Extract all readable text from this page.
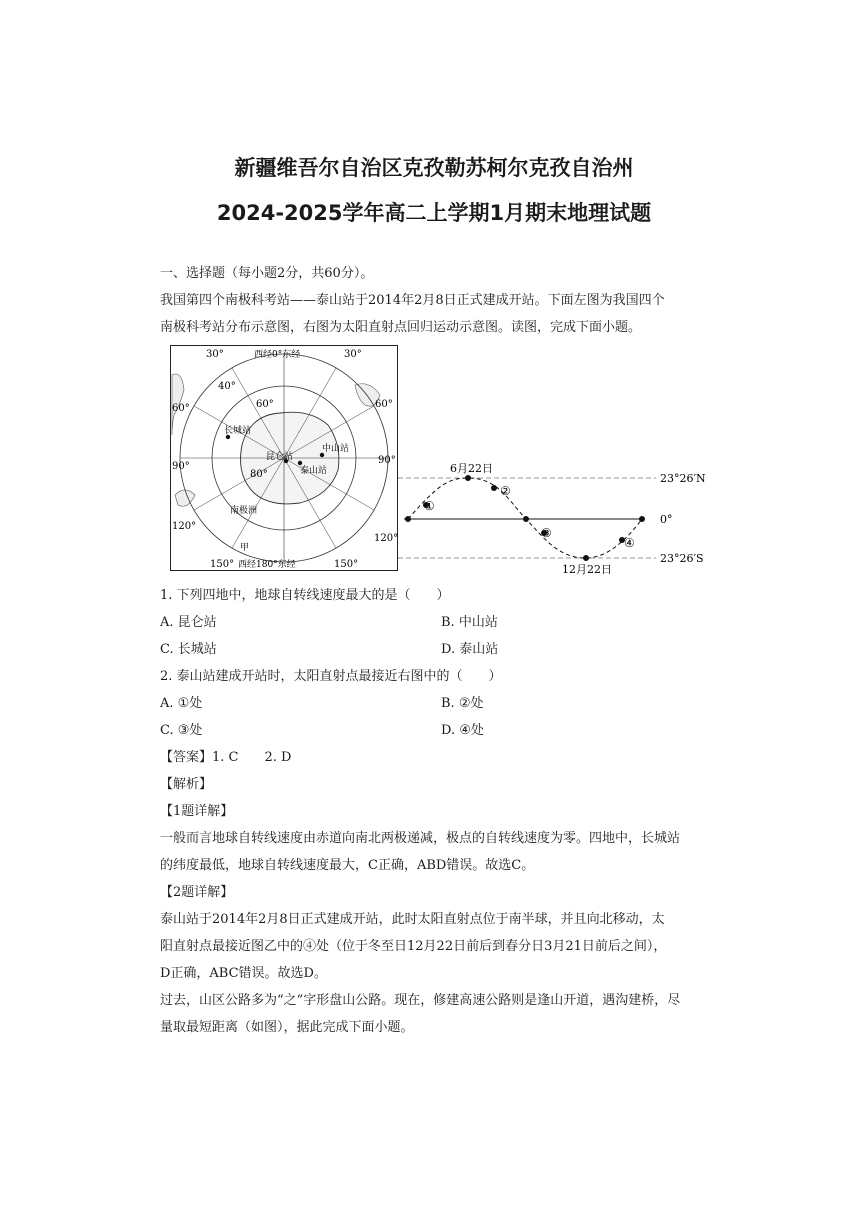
新疆维吾尔自治区克孜勒苏柯尔克孜自治州
2024-2025学年高二上学期1月期末地理试题
一、选择题（每小题2分，共60分）。
我国第四个南极科考站——泰山站于2014年2月8日正式建成开站。下面左图为我国四个
南极科考站分布示意图，右图为太阳直射点回归运动示意图。读图，完成下面小题。
西经0°东经
西经180°东经
30°	30°
40°
60°	60°
60°
80°
90°
90°
120°
120°
150°	150°
长城站
昆仑站
泰山站
中山站
南极洲
甲
6月22日
12月22日
23°26′N
0°
23°26′S
①
②
③
④
1. 下列四地中，地球自转线速度最大的是（　　）
A. 昆仑站	B. 中山站
C. 长城站	D. 泰山站
2. 泰山站建成开站时，太阳直射点最接近右图中的（　　）
A. ①处	B. ②处
C. ③处	D. ④处
【答案】1. C　　2. D
【解析】
【1题详解】
一般而言地球自转线速度由赤道向南北两极递减，极点的自转线速度为零。四地中，长城站
的纬度最低，地球自转线速度最大，C正确，ABD错误。故选C。
【2题详解】
泰山站于2014年2月8日正式建成开站，此时太阳直射点位于南半球，并且向北移动，太
阳直射点最接近图乙中的④处（位于冬至日12月22日前后到春分日3月21日前后之间），
D正确，ABC错误。故选D。
过去，山区公路多为“之”字形盘山公路。现在，修建高速公路则是逢山开道，遇沟建桥，尽
量取最短距离（如图），据此完成下面小题。
